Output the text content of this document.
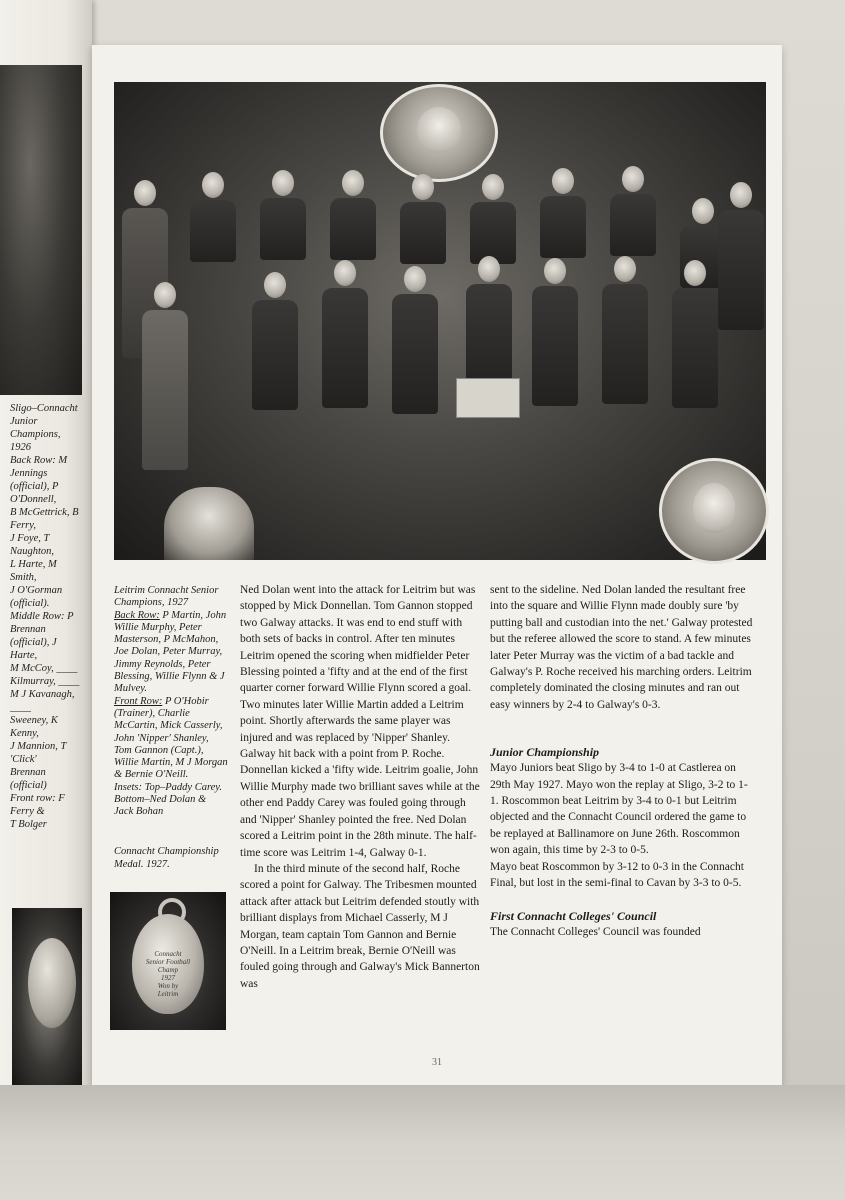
Sligo–Connacht Junior
Champions, 1926
Back Row: M Jennings
(official), P O'Donnell,
B McGettrick, B Ferry,
J Foye, T Naughton,
L Harte, M Smith,
J O'Gorman (official).
Middle Row: P Brennan
(official), J Harte,
M McCoy, ____
Kilmurray, ____
M J Kavanagh, ____
Sweeney, K Kenny,
J Mannion, T 'Click'
Brennan (official)
Front row: F Ferry &
T Bolger
Leitrim Connacht Senior
Champions, 1927
Back Row: P Martin, John Willie Murphy, Peter Masterson, P McMahon, Joe Dolan, Peter Murray, Jimmy Reynolds, Peter Blessing, Willie Flynn & J Mulvey.
Front Row: P O'Hobir (Trainer), Charlie McCartin, Mick Casserly, John 'Nipper' Shanley, Tom Gannon (Capt.), Willie Martin, M J Morgan & Bernie O'Neill.
Insets: Top–Paddy Carey. Bottom–Ned Dolan & Jack Bohan
Connacht Championship Medal. 1927.
Connacht
Senior Football Champ
1927
Won by
Leitrim

Ned Dolan went into the attack for Leitrim but was stopped by Mick Donnellan. Tom Gannon stopped two Galway attacks. It was end to end stuff with both sets of backs in control. After ten minutes Leitrim opened the scoring when midfielder Peter Blessing pointed a 'fifty and at the end of the first quarter corner forward Willie Flynn scored a goal. Two minutes later Willie Martin added a Leitrim point. Shortly afterwards the same player was injured and was replaced by 'Nipper' Shanley. Galway hit back with a point from P. Roche. Donnellan kicked a 'fifty wide. Leitrim goalie, John Willie Murphy made two brilliant saves while at the other end Paddy Carey was fouled going through and 'Nipper' Shanley pointed the free. Ned Dolan scored a Leitrim point in the 28th minute. The half-time score was Leitrim 1-4, Galway 0-1.

In the third minute of the second half, Roche scored a point for Galway. The Tribesmen mounted attack after attack but Leitrim defended stoutly with brilliant displays from Michael Casserly, M J Morgan, team captain Tom Gannon and Bernie O'Neill. In a Leitrim break, Bernie O'Neill was fouled going through and Galway's Mick Bannerton was

sent to the sideline. Ned Dolan landed the resultant free into the square and Willie Flynn made doubly sure 'by putting ball and custodian into the net.' Galway protested but the referee allowed the score to stand. A few minutes later Peter Murray was the victim of a bad tackle and Galway's P. Roche received his marching orders. Leitrim completely dominated the closing minutes and ran out easy winners by 2-4 to Galway's 0-3.

Junior Championship

Mayo Juniors beat Sligo by 3-4 to 1-0 at Castlerea on 29th May 1927. Mayo won the replay at Sligo, 3-2 to 1-1. Roscommon beat Leitrim by 3-4 to 0-1 but Leitrim objected and the Connacht Council ordered the game to be replayed at Ballinamore on June 26th. Roscommon won again, this time by 2-3 to 0-5.

Mayo beat Roscommon by 3-12 to 0-3 in the Connacht Final, but lost in the semi-final to Cavan by 3-3 to 0-5.

First Connacht Colleges' Council

The Connacht Colleges' Council was founded

31
